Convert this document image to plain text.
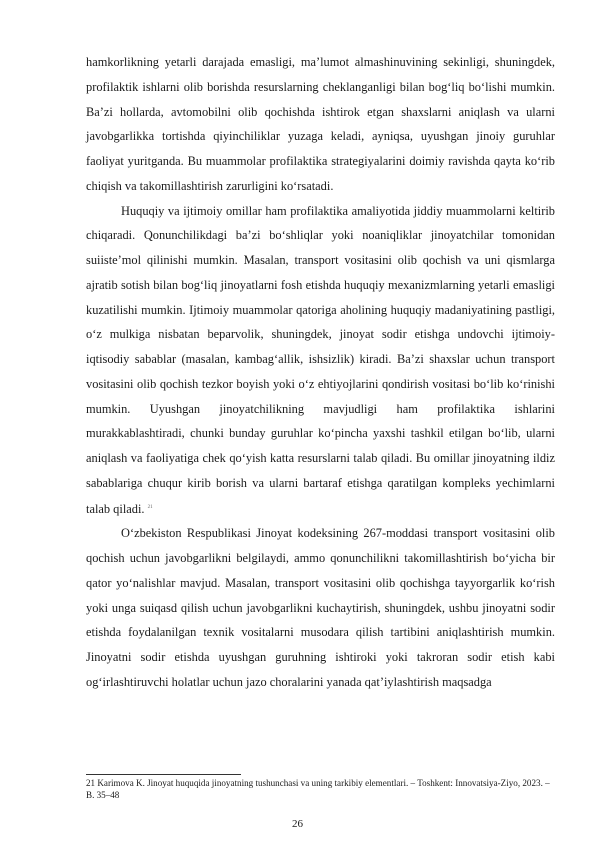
hamkorlikning yetarli darajada emasligi, ma’lumot almashinuvining sekinligi, shuningdek, profilaktik ishlarni olib borishda resurslarning cheklanganligi bilan bog‘liq bo‘lishi mumkin. Ba’zi hollarda, avtomobilni olib qochishda ishtirok etgan shaxslarni aniqlash va ularni javobgarlikka tortishda qiyinchiliklar yuzaga keladi, ayniqsa, uyushgan jinoiy guruhlar faoliyat yuritganda. Bu muammolar profilaktika strategiyalarini doimiy ravishda qayta ko‘rib chiqish va takomillashtirish zarurligini ko‘rsatadi.

Huquqiy va ijtimoiy omillar ham profilaktika amaliyotida jiddiy muammolarni keltirib chiqaradi. Qonunchilikdagi ba’zi bo‘shliqlar yoki noaniqliklar jinoyatchilar tomonidan suiiste’mol qilinishi mumkin. Masalan, transport vositasini olib qochish va uni qismlarga ajratib sotish bilan bog‘liq jinoyatlarni fosh etishda huquqiy mexanizmlarning yetarli emasligi kuzatilishi mumkin. Ijtimoiy muammolar qatoriga aholining huquqiy madaniyatining pastligi, o‘z mulkiga nisbatan beparvolik, shuningdek, jinoyat sodir etishga undovchi ijtimoiy-iqtisodiy sabablar (masalan, kambag‘allik, ishsizlik) kiradi. Ba’zi shaxslar uchun transport vositasini olib qochish tezkor boyish yoki o‘z ehtiyojlarini qondirish vositasi bo‘lib ko‘rinishi mumkin. Uyushgan jinoyatchilikning mavjudligi ham profilaktika ishlarini murakkablashtiradi, chunki bunday guruhlar ko‘pincha yaxshi tashkil etilgan bo‘lib, ularni aniqlash va faoliyatiga chek qo‘yish katta resurslarni talab qiladi. Bu omillar jinoyatning ildiz sabablariga chuqur kirib borish va ularni bartaraf etishga qaratilgan kompleks yechimlarni talab qiladi. $^{21}$

O‘zbekiston Respublikasi Jinoyat kodeksining 267-moddasi transport vositasini olib qochish uchun javobgarlikni belgilaydi, ammo qonunchilikni takomillashtirish bo‘yicha bir qator yo‘nalishlar mavjud. Masalan, transport vositasini olib qochishga tayyorgarlik ko‘rish yoki unga suiqasd qilish uchun javobgarlikni kuchaytirish, shuningdek, ushbu jinoyatni sodir etishda foydalanilgan texnik vositalarni musodara qilish tartibini aniqlashtirish mumkin. Jinoyatni sodir etishda uyushgan guruhning ishtiroki yoki takroran sodir etish kabi og‘irlashtiruvchi holatlar uchun jazo choralarini yanada qat’iylashtirish maqsadga

21 Karimova K. Jinoyat huquqida jinoyatning tushunchasi va uning tarkibiy elementlari. – Toshkent: Innovatsiya-Ziyo, 2023. – B. 35–48

26
